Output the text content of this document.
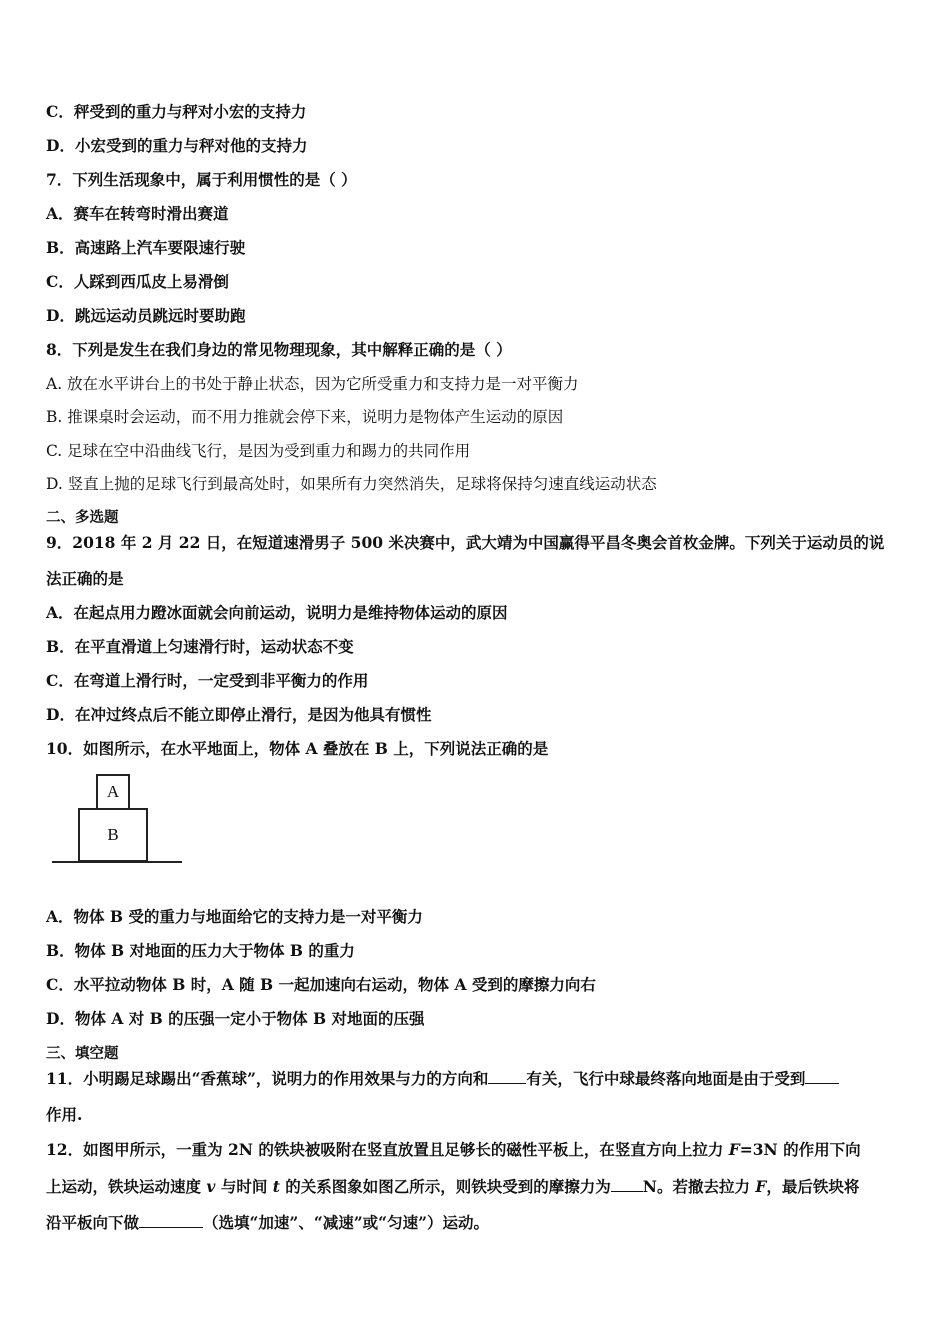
C．秤受到的重力与秤对小宏的支持力
D．小宏受到的重力与秤对他的支持力
7．下列生活现象中，属于利用惯性的是（ ）
A．赛车在转弯时滑出赛道
B．高速路上汽车要限速行驶
C．人踩到西瓜皮上易滑倒
D．跳远运动员跳远时要助跑
8．下列是发生在我们身边的常见物理现象，其中解释正确的是（ ）
A. 放在水平讲台上的书处于静止状态，因为它所受重力和支持力是一对平衡力
B. 推课桌时会运动，而不用力推就会停下来，说明力是物体产生运动的原因
C. 足球在空中沿曲线飞行，是因为受到重力和踢力的共同作用
D. 竖直上抛的足球飞行到最高处时，如果所有力突然消失，足球将保持匀速直线运动状态
二、多选题
9．2018 年 2 月 22 日，在短道速滑男子 500 米决赛中，武大靖为中国赢得平昌冬奥会首枚金牌。下列关于运动员的说
法正确的是
A．在起点用力蹬冰面就会向前运动，说明力是维持物体运动的原因
B．在平直滑道上匀速滑行时，运动状态不变
C．在弯道上滑行时，一定受到非平衡力的作用
D．在冲过终点后不能立即停止滑行，是因为他具有惯性
10．如图所示，在水平地面上，物体 A 叠放在 B 上，下列说法正确的是
A
B
A．物体 B 受的重力与地面给它的支持力是一对平衡力
B．物体 B 对地面的压力大于物体 B 的重力
C．水平拉动物体 B 时，A 随 B 一起加速向右运动，物体 A 受到的摩擦力向右
D．物体 A 对 B 的压强一定小于物体 B 对地面的压强
三、填空题
11．小明踢足球踢出“香蕉球”，说明力的作用效果与力的方向和 有关，飞行中球最终落向地面是由于受到
作用.
12．如图甲所示，一重为 2N 的铁块被吸附在竖直放置且足够长的磁性平板上，在竖直方向上拉力 F=3N 的作用下向
上运动，铁块运动速度 v 与时间 t 的关系图象如图乙所示，则铁块受到的摩擦力为 N。若撤去拉力 F，最后铁块将
沿平板向下做	（选填“加速”、“减速”或“匀速”）运动。
